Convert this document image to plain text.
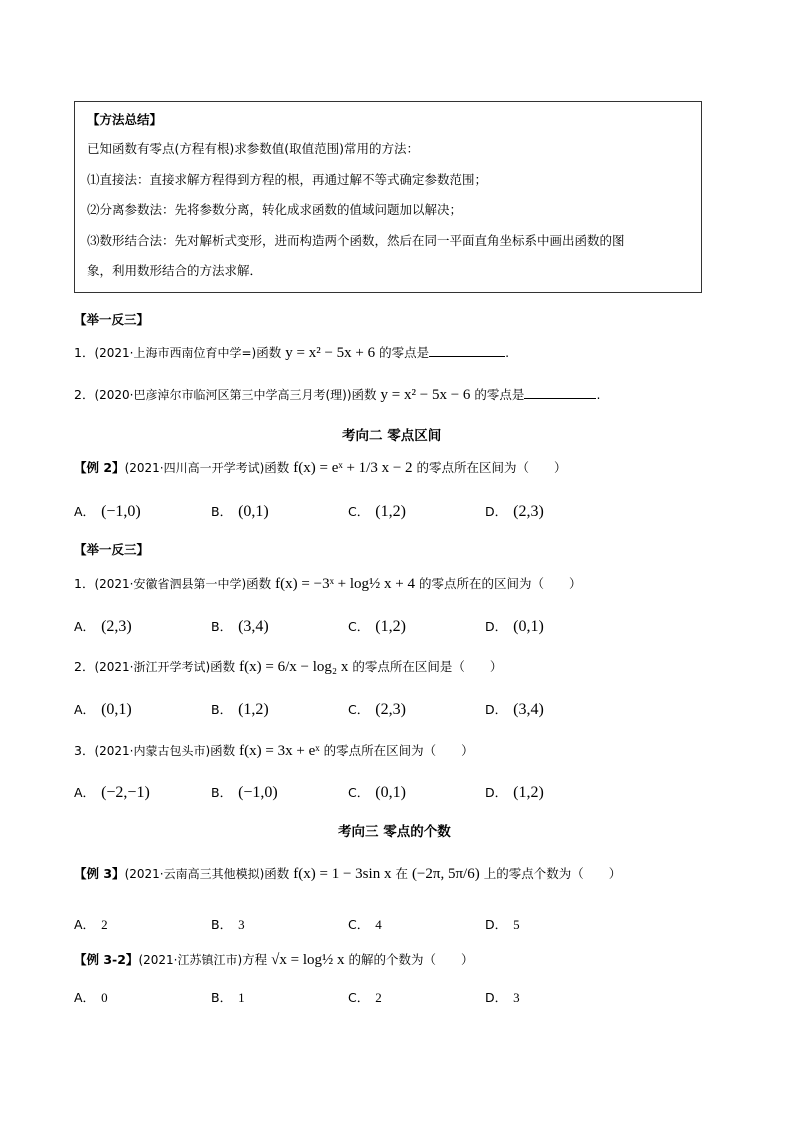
【方法总结】
已知函数有零点(方程有根)求参数值(取值范围)常用的方法：
⑴直接法：直接求解方程得到方程的根，再通过解不等式确定参数范围；
⑵分离参数法：先将参数分离，转化成求函数的值域问题加以解决；
⑶数形结合法：先对解析式变形，进而构造两个函数，然后在同一平面直角坐标系中画出函数的图
象，利用数形结合的方法求解．
【举一反三】
1．(2021·上海市西南位育中学=)函数 y = x² − 5x + 6 的零点是	.
2．(2020·巴彦淖尔市临河区第三中学高三月考(理))函数 y = x² − 5x − 6 的零点是	.
考向二 零点区间
【例 2】(2021·四川高一开学考试)函数 f(x) = eˣ + 1/3 x − 2 的零点所在区间为（　　）
A． (−1,0)	B． (0,1)	C． (1,2)	D． (2,3)
【举一反三】
1．(2021·安徽省泗县第一中学)函数 f(x) = −3ˣ + log½ x + 4 的零点所在的区间为（　　）
A． (2,3)	B． (3,4)	C． (1,2)	D． (0,1)
2．(2021·浙江开学考试)函数 f(x) = 6/x − log₂ x 的零点所在区间是（　　）
A． (0,1)	B． (1,2)	C． (2,3)	D． (3,4)
3．(2021·内蒙古包头市)函数 f(x) = 3x + eˣ 的零点所在区间为（　　）
A． (−2,−1)	B． (−1,0)	C． (0,1)	D． (1,2)
考向三 零点的个数
【例 3】(2021·云南高三其他模拟)函数 f(x) = 1 − 3sin x 在 (−2π, 5π/6) 上的零点个数为（　　）
A． 2	B． 3	C． 4	D． 5
【例 3-2】(2021·江苏镇江市)方程 √x = log½ x 的解的个数为（　　）
A． 0	B． 1	C． 2	D． 3
